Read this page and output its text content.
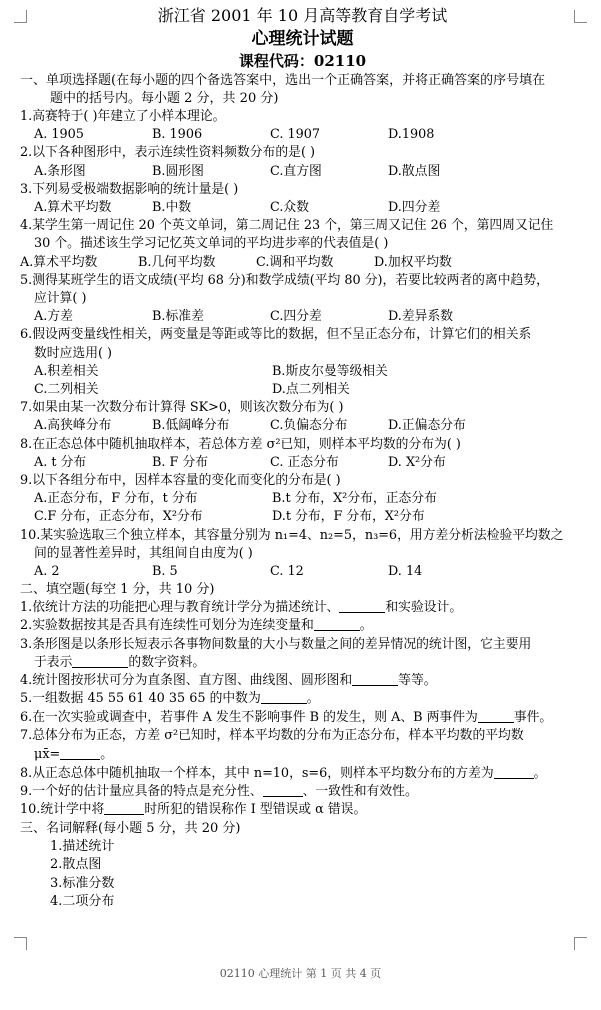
浙江省 2001 年 10 月高等教育自学考试
心理统计试题
课程代码：02110
一、单项选择题(在每小题的四个备选答案中，选出一个正确答案，并将正确答案的序号填在
题中的括号内。每小题 2 分，共 20 分)
1.高赛特于( )年建立了小样本理论。
A. 1905	B. 1906	C. 1907	D.1908
2.以下各种图形中，表示连续性资料频数分布的是( )
A.条形图	B.圆形图	C.直方图	D.散点图
3.下列易受极端数据影响的统计量是( )
A.算术平均数	B.中数	C.众数	D.四分差
4.某学生第一周记住 20 个英文单词，第二周记住 23 个，第三周又记住 26 个，第四周又记住
30 个。描述该生学习记忆英文单词的平均进步率的代表值是( )
A.算术平均数	B.几何平均数	C.调和平均数	D.加权平均数
5.测得某班学生的语文成绩(平均 68 分)和数学成绩(平均 80 分)，若要比较两者的离中趋势，
应计算( )
A.方差	B.标准差	C.四分差	D.差异系数
6.假设两变量线性相关，两变量是等距或等比的数据，但不呈正态分布，计算它们的相关系
数时应选用( )
A.积差相关	B.斯皮尔曼等级相关
C.二列相关	D.点二列相关
7.如果由某一次数分布计算得 SK>0，则该次数分布为( )
A.高狭峰分布	B.低阔峰分布	C.负偏态分布	D.正偏态分布
8.在正态总体中随机抽取样本，若总体方差 σ²已知，则样本平均数的分布为( )
A. t 分布	B. F 分布	C. 正态分布	D. X²分布
9.以下各组分布中，因样本容量的变化而变化的分布是( )
A.正态分布，F 分布，t 分布	B.t 分布，X²分布，正态分布
C.F 分布，正态分布，X²分布	D.t 分布，F 分布，X²分布
10.某实验选取三个独立样本，其容量分别为 n₁=4、n₂=5，n₃=6，用方差分析法检验平均数之
间的显著性差异时，其组间自由度为( )
A. 2	B. 5	C. 12	D. 14
二、填空题(每空 1 分，共 10 分)
1.依统计方法的功能把心理与教育统计学分为描述统计、	和实验设计。
2.实验数据按其是否具有连续性可划分为连续变量和	。
3.条形图是以条形长短表示各事物间数量的大小与数量之间的差异情况的统计图，它主要用
于表示	的数字资料。
4.统计图按形状可分为直条图、直方图、曲线图、圆形图和	等等。
5.一组数据 45 55 61 40 35 65 的中数为	。
6.在一次实验或调查中，若事件 A 发生不影响事件 B 的发生，则 A、B 两事件为	事件。
7.总体分布为正态，方差 σ²已知时，样本平均数的分布为正态分布，样本平均数的平均数
μx̄=	。
8.从正态总体中随机抽取一个样本，其中 n=10，s=6，则样本平均数分布的方差为	。
9.一个好的估计量应具备的特点是充分性、	、一致性和有效性。
10.统计学中将	时所犯的错误称作 I 型错误或 α 错误。
三、名词解释(每小题 5 分，共 20 分)
1.描述统计
2.散点图
3.标准分数
4.二项分布
02110 心理统计 第 1 页 共 4 页
